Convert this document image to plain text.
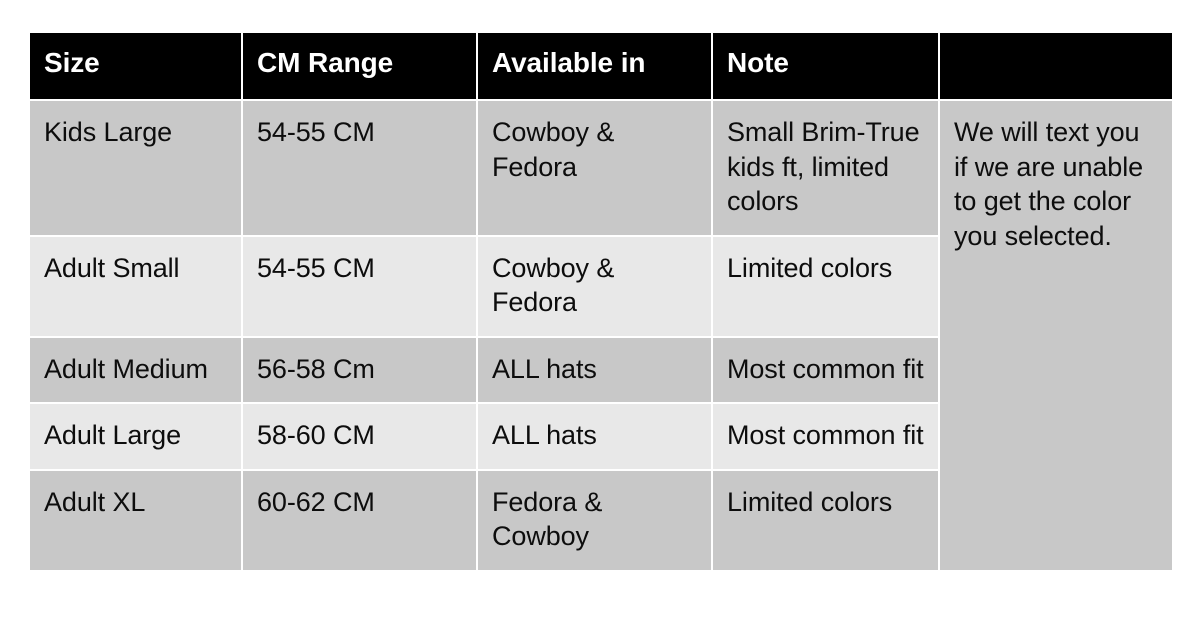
Size	CM Range	Available in	Note	

Kids Large	54-55 CM	Cowboy & Fedora	Small Brim-True kids ft, limited colors	We will text you if we are unable to get the color you selected.

Adult Small	54-55 CM	Cowboy & Fedora	Limited colors	

Adult Medium	56-58 Cm	ALL hats	Most common fit	

Adult Large	58-60 CM	ALL hats	Most common fit	

Adult XL	60-62 CM	Fedora & Cowboy	Limited colors	
